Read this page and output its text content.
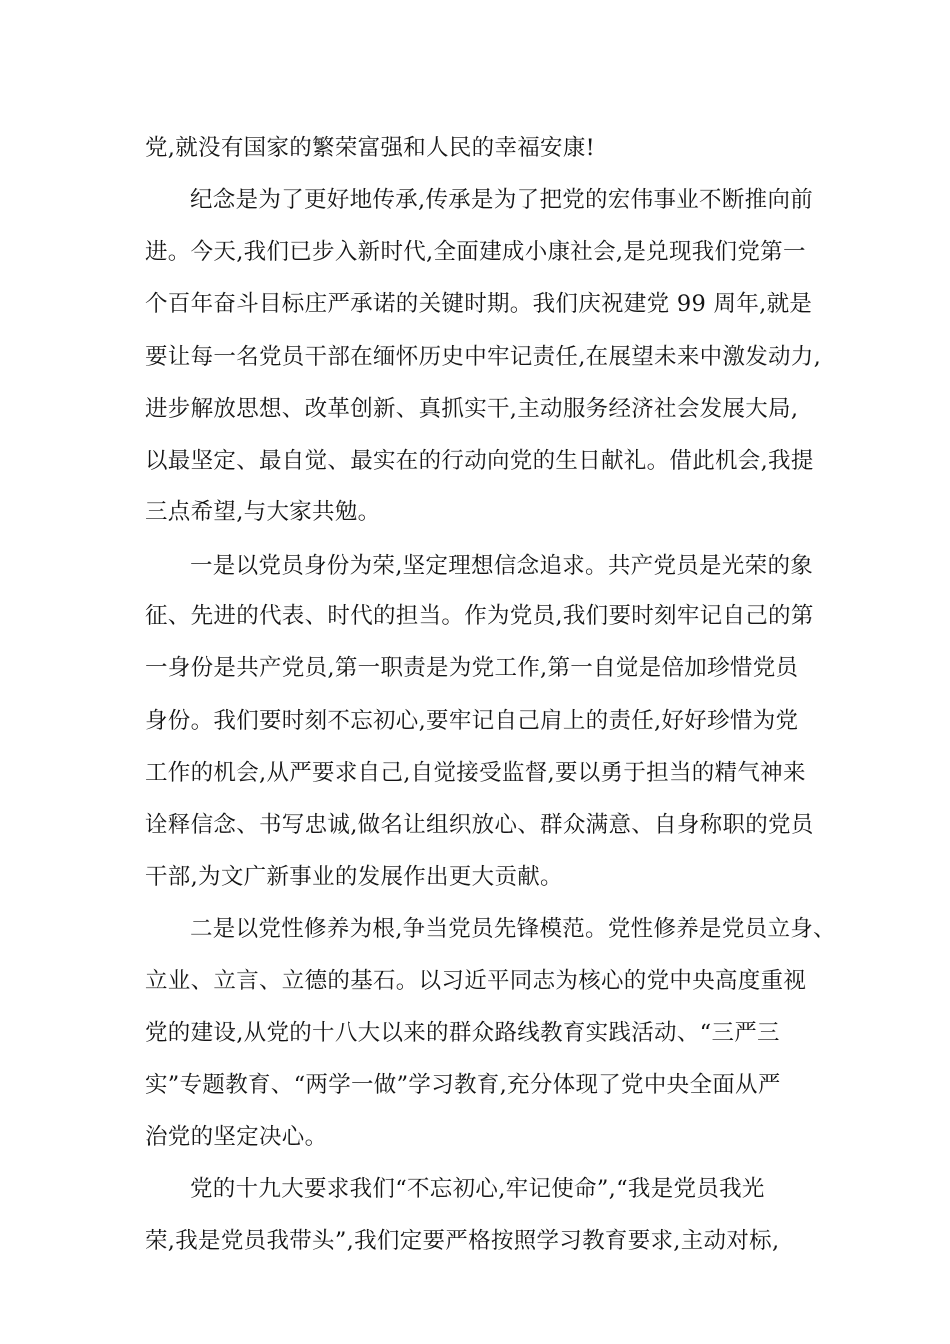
党,就没有国家的繁荣富强和人民的幸福安康!
纪念是为了更好地传承,传承是为了把党的宏伟事业不断推向前
进。今天,我们已步入新时代,全面建成小康社会,是兑现我们党第一
个百年奋斗目标庄严承诺的关键时期。我们庆祝建党 99 周年,就是
要让每一名党员干部在缅怀历史中牢记责任,在展望未来中激发动力,
进步解放思想、改革创新、真抓实干,主动服务经济社会发展大局,
以最坚定、最自觉、最实在的行动向党的生日献礼。借此机会,我提
三点希望,与大家共勉。
一是以党员身份为荣,坚定理想信念追求。共产党员是光荣的象
征、先进的代表、时代的担当。作为党员,我们要时刻牢记自己的第
一身份是共产党员,第一职责是为党工作,第一自觉是倍加珍惜党员
身份。我们要时刻不忘初心,要牢记自己肩上的责任,好好珍惜为党
工作的机会,从严要求自己,自觉接受监督,要以勇于担当的精气神来
诠释信念、书写忠诚,做名让组织放心、群众满意、自身称职的党员
干部,为文广新事业的发展作出更大贡献。
二是以党性修养为根,争当党员先锋模范。党性修养是党员立身、
立业、立言、立德的基石。以习近平同志为核心的党中央高度重视
党的建设,从党的十八大以来的群众路线教育实践活动、“三严三
实”专题教育、“两学一做”学习教育,充分体现了党中央全面从严
治党的坚定决心。
党的十九大要求我们“不忘初心,牢记使命”,“我是党员我光
荣,我是党员我带头”,我们定要严格按照学习教育要求,主动对标,
